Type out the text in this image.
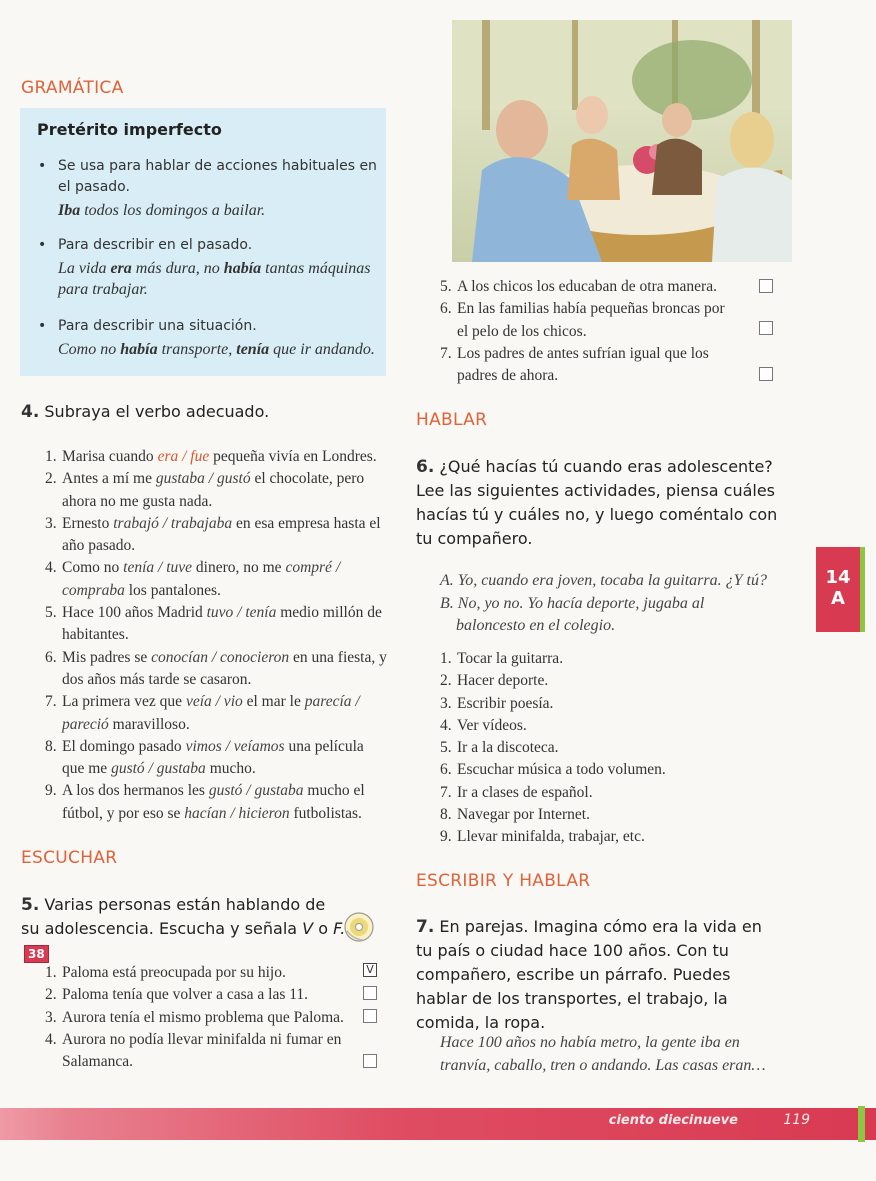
GRAMÁTICA
Pretérito imperfecto
• Se usa para hablar de acciones habituales en el pasado.
Iba todos los domingos a bailar.
• Para describir en el pasado.
La vida era más dura, no había tantas máquinas para trabajar.
• Para describir una situación.
Como no había transporte, tenía que ir andando.
4. Subraya el verbo adecuado.
1. Marisa cuando era / fue pequeña vivía en Londres.
2. Antes a mí me gustaba / gustó el chocolate, pero ahora no me gusta nada.
3. Ernesto trabajó / trabajaba en esa empresa hasta el año pasado.
4. Como no tenía / tuve dinero, no me compré / compraba los pantalones.
5. Hace 100 años Madrid tuvo / tenía medio millón de habitantes.
6. Mis padres se conocían / conocieron en una fiesta, y dos años más tarde se casaron.
7. La primera vez que veía / vio el mar le parecía / pareció maravilloso.
8. El domingo pasado vimos / veíamos una película que me gustó / gustaba mucho.
9. A los dos hermanos les gustó / gustaba mucho el fútbol, y por eso se hacían / hicieron futbolistas.
ESCUCHAR
5. Varias personas están hablando de su adolescencia. Escucha y señala V o F. 38
1. Paloma está preocupada por su hijo.
2. Paloma tenía que volver a casa a las 11.
3. Aurora tenía el mismo problema que Paloma.
4. Aurora no podía llevar minifalda ni fumar en Salamanca.
V
5. A los chicos los educaban de otra manera.
6. En las familias había pequeñas broncas por el pelo de los chicos.
7. Los padres de antes sufrían igual que los padres de ahora.
HABLAR
6. ¿Qué hacías tú cuando eras adolescente? Lee las siguientes actividades, piensa cuáles hacías tú y cuáles no, y luego coméntalo con tu compañero.
A. Yo, cuando era joven, tocaba la guitarra. ¿Y tú?
B. No, yo no. Yo hacía deporte, jugaba al baloncesto en el colegio.
1. Tocar la guitarra.
2. Hacer deporte.
3. Escribir poesía.
4. Ver vídeos.
5. Ir a la discoteca.
6. Escuchar música a todo volumen.
7. Ir a clases de español.
8. Navegar por Internet.
9. Llevar minifalda, trabajar, etc.
ESCRIBIR Y HABLAR
7. En parejas. Imagina cómo era la vida en tu país o ciudad hace 100 años. Con tu compañero, escribe un párrafo. Puedes hablar de los transportes, el trabajo, la comida, la ropa.
Hace 100 años no había metro, la gente iba en tranvía, caballo, tren o andando. Las casas eran…
14
A
ciento diecinueve	119
